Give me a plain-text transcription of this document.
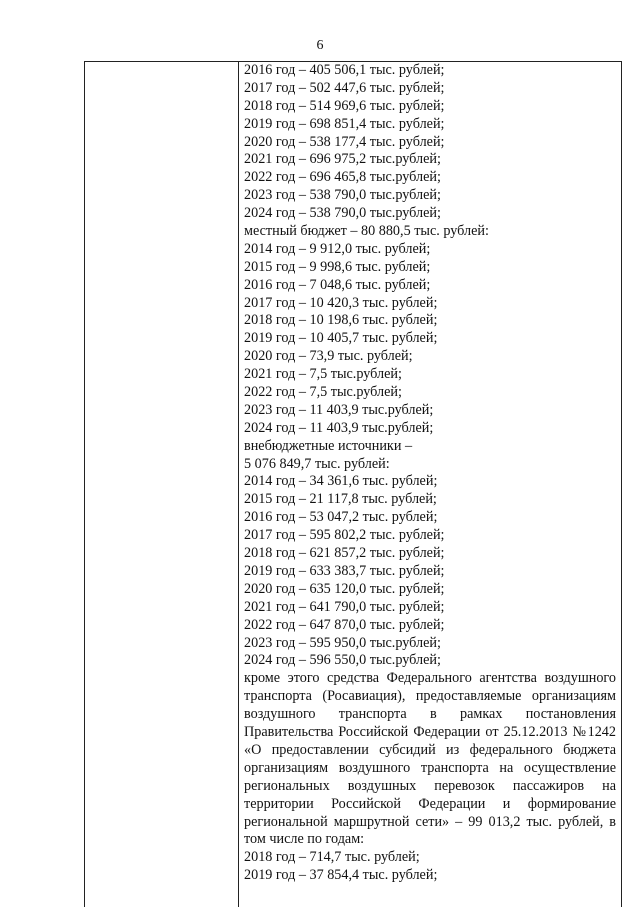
6
2016 год – 405 506,1 тыс. рублей;
2017 год – 502 447,6 тыс. рублей;
2018 год – 514 969,6 тыс. рублей;
2019 год – 698 851,4 тыс. рублей;
2020 год – 538 177,4 тыс. рублей;
2021 год – 696 975,2 тыс.рублей;
2022 год – 696 465,8 тыс.рублей;
2023 год – 538 790,0 тыс.рублей;
2024 год – 538 790,0 тыс.рублей;
местный бюджет – 80 880,5 тыс. рублей:
2014 год – 9 912,0 тыс. рублей;
2015 год – 9 998,6 тыс. рублей;
2016 год – 7 048,6 тыс. рублей;
2017 год – 10 420,3 тыс. рублей;
2018 год – 10 198,6 тыс. рублей;
2019 год – 10 405,7 тыс. рублей;
2020 год – 73,9 тыс. рублей;
2021 год – 7,5 тыс.рублей;
2022 год – 7,5 тыс.рублей;
2023 год – 11 403,9 тыс.рублей;
2024 год – 11 403,9 тыс.рублей;
внебюджетные источники –
5 076 849,7 тыс. рублей:
2014 год – 34 361,6 тыс. рублей;
2015 год – 21 117,8 тыс. рублей;
2016 год – 53 047,2 тыс. рублей;
2017 год – 595 802,2 тыс. рублей;
2018 год – 621 857,2 тыс. рублей;
2019 год – 633 383,7 тыс. рублей;
2020 год – 635 120,0 тыс. рублей;
2021 год – 641 790,0 тыс. рублей;
2022 год – 647 870,0 тыс. рублей;
2023 год – 595 950,0 тыс.рублей;
2024 год – 596 550,0 тыс.рублей;

кроме этого средства Федерального агентства воздушного транспорта (Росавиация), предоставляемые организациям воздушного транспорта в рамках постановления Правительства Российской Федерации от 25.12.2013 №1242 «О предоставлении субсидий из федерального бюджета организациям воздушного транспорта на осуществление региональных воздушных перевозок пассажиров на территории Российской Федерации и формирование региональной маршрутной сети» – 99 013,2 тыс. рублей, в том числе по годам:

2018 год – 714,7 тыс. рублей;
2019 год – 37 854,4 тыс. рублей;
